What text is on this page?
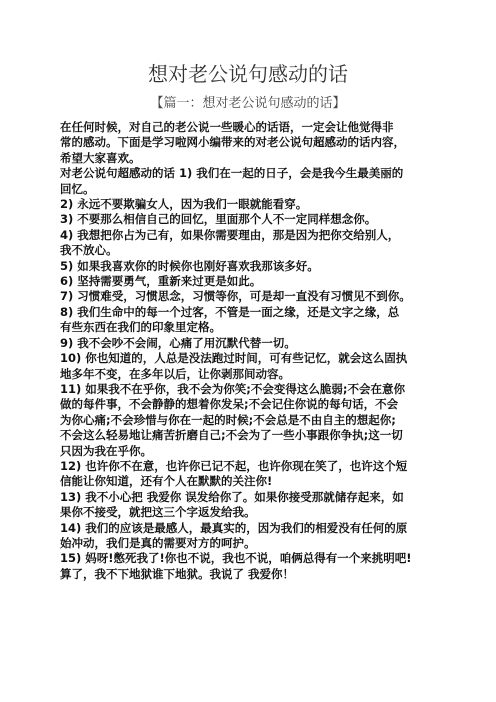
想对老公说句感动的话
【篇一：想对老公说句感动的话】
在任何时候，对自己的老公说一些暖心的话语，一定会让他觉得非
常的感动。下面是学习啦网小编带来的对老公说句超感动的话内容，
希望大家喜欢。
对老公说句超感动的话 1) 我们在一起的日子，会是我今生最美丽的
回忆。
2) 永远不要欺骗女人，因为我们一眼就能看穿。
3) 不要那么相信自己的回忆，里面那个人不一定同样想念你。
4) 我想把你占为己有，如果你需要理由，那是因为把你交给别人，
我不放心。
5) 如果我喜欢你的时候你也刚好喜欢我那该多好。
6) 坚持需要勇气，重新来过更是如此。
7) 习惯难受，习惯思念，习惯等你，可是却一直没有习惯见不到你。
8) 我们生命中的每一个过客，不管是一面之缘，还是文字之缘，总
有些东西在我们的印象里定格。
9) 我不会吵不会闹，心痛了用沉默代替一切。
10) 你也知道的，人总是没法跑过时间，可有些记忆，就会这么固执
地多年不变，在多年以后，让你剥那间动容。
11) 如果我不在乎你，我不会为你笑;不会变得这么脆弱;不会在意你
做的每件事，不会静静的想着你发呆;不会记住你说的每句话，不会
为你心痛;不会珍惜与你在一起的时候;不会总是不由自主的想起你;
不会这么轻易地让痛苦折磨自己;不会为了一些小事跟你争执;这一切
只因为我在乎你。
12) 也许你不在意，也许你已记不起，也许你现在笑了，也许这个短
信能让你知道，还有个人在默默的关注你!
13) 我不小心把 我爱你 误发给你了。如果你接受那就储存起来，如
果你不接受，就把这三个字返发给我。
14) 我们的应该是最感人，最真实的，因为我们的相爱没有任何的原
始冲动，我们是真的需要对方的呵护。
15) 妈呀!憋死我了!你也不说，我也不说，咱俩总得有一个来挑明吧!
算了，我不下地狱谁下地狱。我说了 我爱你！
